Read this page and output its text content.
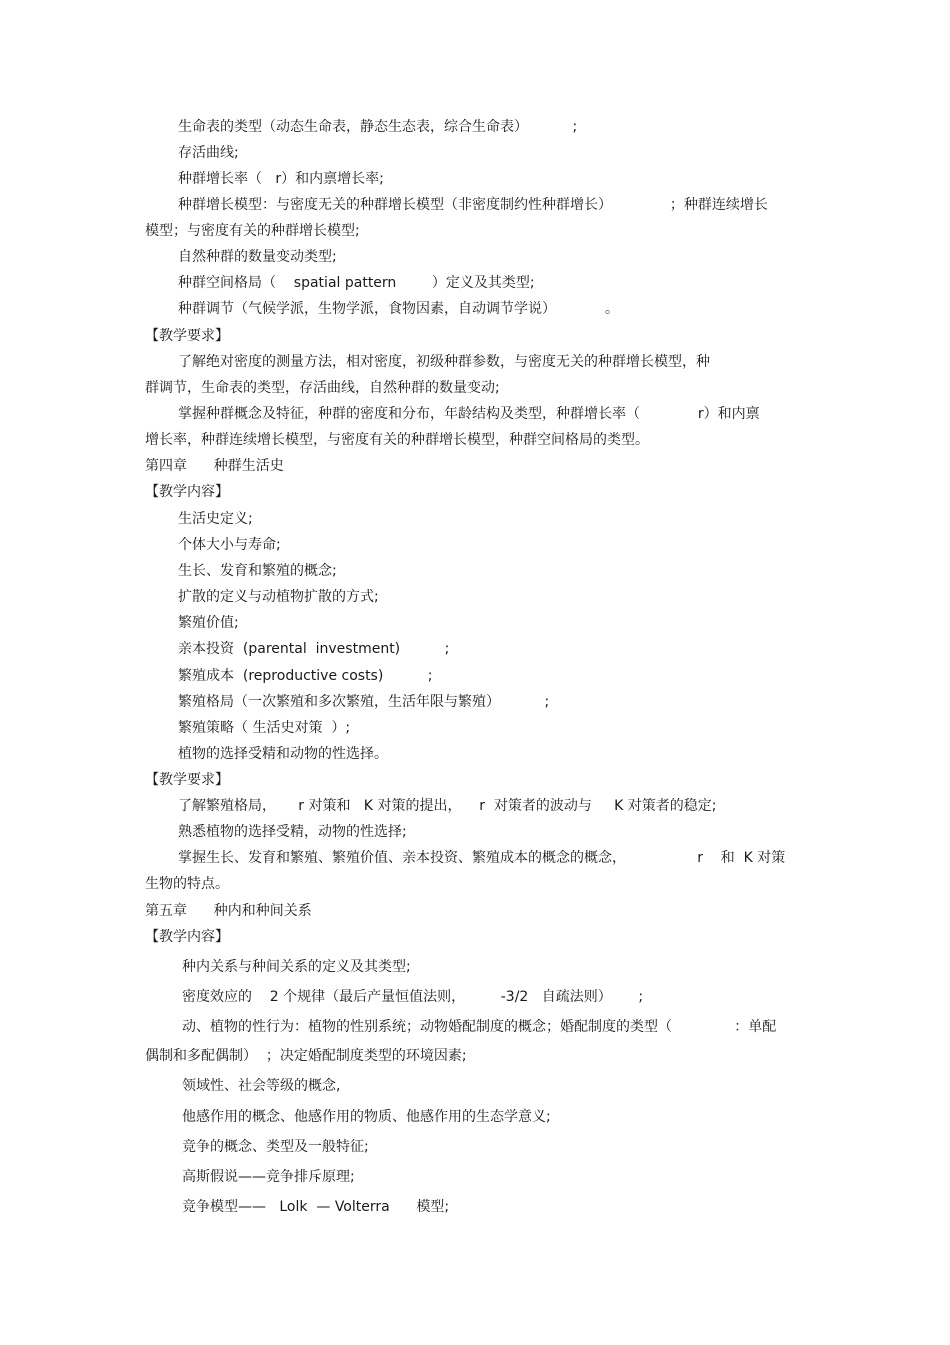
生命表的类型（动态生命表，静态生态表，综合生命表）          ;
存活曲线;
种群增长率（   r）和内禀增长率;
种群增长模型：与密度无关的种群增长模型（非密度制约性种群增长）             ；种群连续增长
模型；与密度有关的种群增长模型;
自然种群的数量变动类型;
种群空间格局（    spatial pattern        ）定义及其类型;
种群调节（气候学派，生物学派，食物因素，自动调节学说）           。
【教学要求】
了解绝对密度的测量方法，相对密度，初级种群参数，与密度无关的种群增长模型，种
群调节，生命表的类型，存活曲线，自然种群的数量变动;
掌握种群概念及特征，种群的密度和分布，年龄结构及类型，种群增长率（             r）和内禀
增长率，种群连续增长模型，与密度有关的种群增长模型，种群空间格局的类型。
第四章      种群生活史
【教学内容】
生活史定义;
个体大小与寿命;
生长、发育和繁殖的概念;
扩散的定义与动植物扩散的方式;
繁殖价值;
亲本投资  (parental  investment)          ;
繁殖成本  (reproductive costs)          ;
繁殖格局（一次繁殖和多次繁殖，生活年限与繁殖）          ;
繁殖策略（ 生活史对策  ）;
植物的选择受精和动物的性选择。
【教学要求】
了解繁殖格局，     r 对策和   K 对策的提出，    r  对策者的波动与     K 对策者的稳定;
熟悉植物的选择受精，动物的性选择;
掌握生长、发育和繁殖、繁殖价值、亲本投资、繁殖成本的概念的概念，                r    和  K 对策
生物的特点。
第五章      种内和种间关系
【教学内容】
种内关系与种间关系的定义及其类型;
密度效应的    2 个规律（最后产量恒值法则，        -3/2   自疏法则）      ;
动、植物的性行为：植物的性别系统；动物婚配制度的概念；婚配制度的类型（              ：单配
偶制和多配偶制）  ；决定婚配制度类型的环境因素;
领域性、社会等级的概念,
他感作用的概念、他感作用的物质、他感作用的生态学意义;
竞争的概念、类型及一般特征;
高斯假说——竞争排斥原理;
竞争模型——   Lolk  — Volterra      模型;
